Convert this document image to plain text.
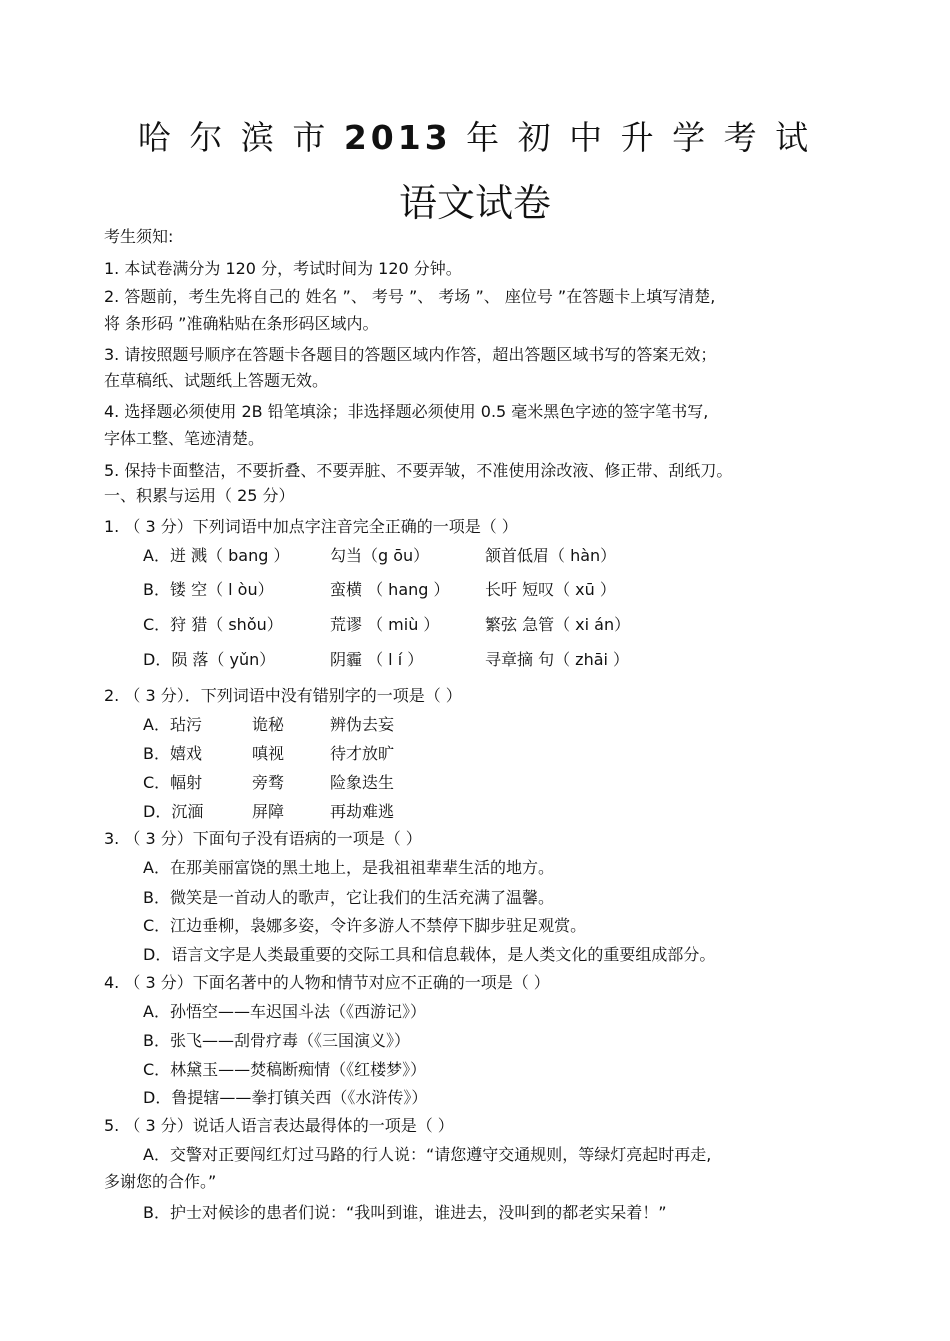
哈 尔 滨 市 2013 年 初 中 升 学 考 试
语文试卷
考生须知:
1. 本试卷满分为 120 分，考试时间为 120 分钟。
2. 答题前，考生先将自己的 姓名 ”、 考号 ”、 考场 ”、 座位号 ”在答题卡上填写清楚,
将 条形码 ”准确粘贴在条形码区域内。
3. 请按照题号顺序在答题卡各题目的答题区域内作答，超出答题区域书写的答案无效；
在草稿纸、试题纸上答题无效。
4. 选择题必须使用 2B 铅笔填涂；非选择题必须使用 0.5 毫米黑色字迹的签字笔书写,
字体工整、笔迹清楚。
5. 保持卡面整洁，不要折叠、不要弄脏、不要弄皱，不准使用涂改液、修正带、刮纸刀。
一、积累与运用（ 25 分）
1. （ 3 分）下列词语中加点字注音完全正确的一项是（ ）
A．迸 溅（ bang ）	勾当（g ōu）	颔首低眉（ hàn）
B．镂 空（ l òu）	蛮横 （ hang ） 长吁 短叹（ xū ）
C．狩 猎（ shǒu）	荒谬 （ miù ）	繁弦 急管（ xi án）
D．陨 落（ yǔn）	阴霾 （ l í ）	寻章摘 句（ zhāi ）
2. （ 3 分）．下列词语中没有错别字的一项是（ ）
A．玷污	诡秘	辨伪去妄
B．嬉戏	嗔视	待才放旷
C．幅射	旁骛	险象迭生
D．沉湎	屏障	再劫难逃
3. （ 3 分）下面句子没有语病的一项是（ ）
A．在那美丽富饶的黑土地上，是我祖祖辈辈生活的地方。
B．微笑是一首动人的歌声，它让我们的生活充满了温馨。
C．江边垂柳，袅娜多姿，令许多游人不禁停下脚步驻足观赏。
D．语言文字是人类最重要的交际工具和信息载体，是人类文化的重要组成部分。
4. （ 3 分）下面名著中的人物和情节对应不正确的一项是（ ）
A．孙悟空——车迟国斗法（《西游记》）
B．张飞——刮骨疗毒（《三国演义》）
C．林黛玉——焚稿断痴情（《红楼梦》）
D．鲁提辖——拳打镇关西（《水浒传》）
5. （ 3 分）说话人语言表达最得体的一项是（ ）
A．交警对正要闯红灯过马路的行人说：“请您遵守交通规则，等绿灯亮起时再走,
多谢您的合作。”
B．护士对候诊的患者们说：“我叫到谁，谁进去，没叫到的都老实呆着！”
